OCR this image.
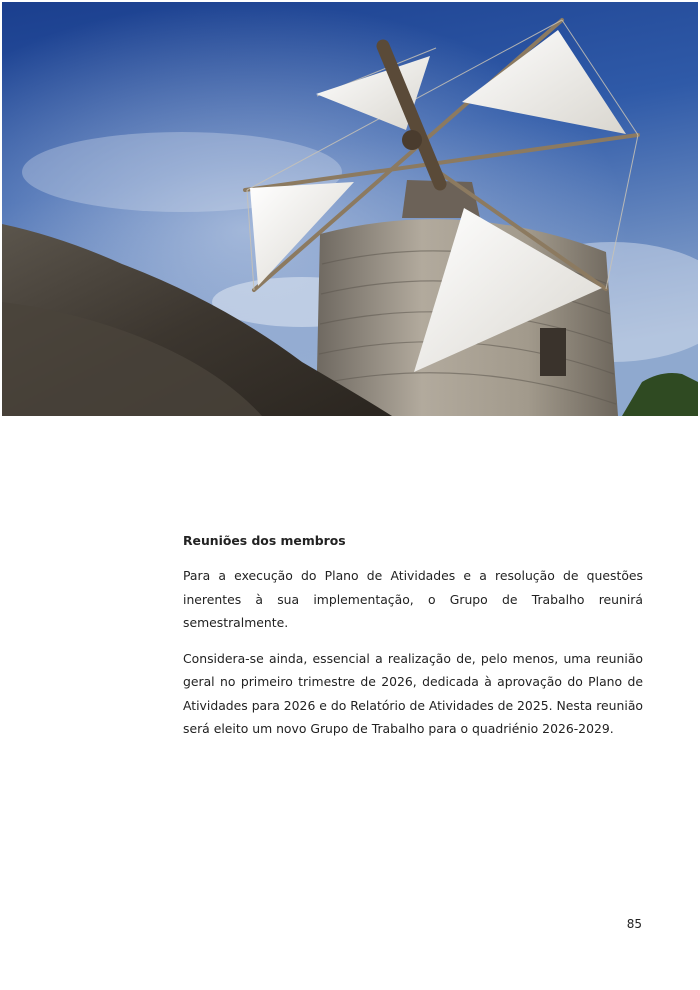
Reuniões dos membros

Para a execução do Plano de Atividades e a resolução de questões inerentes à sua implementação, o Grupo de Trabalho reunirá semestralmente.

Considera-se ainda, essencial a realização de, pelo menos, uma reunião geral no primeiro trimestre de 2026, dedicada à aprovação do Plano de Atividades para 2026 e do Relatório de Atividades de 2025. Nesta reunião será eleito um novo Grupo de Trabalho para o quadriénio 2026-2029.

85
